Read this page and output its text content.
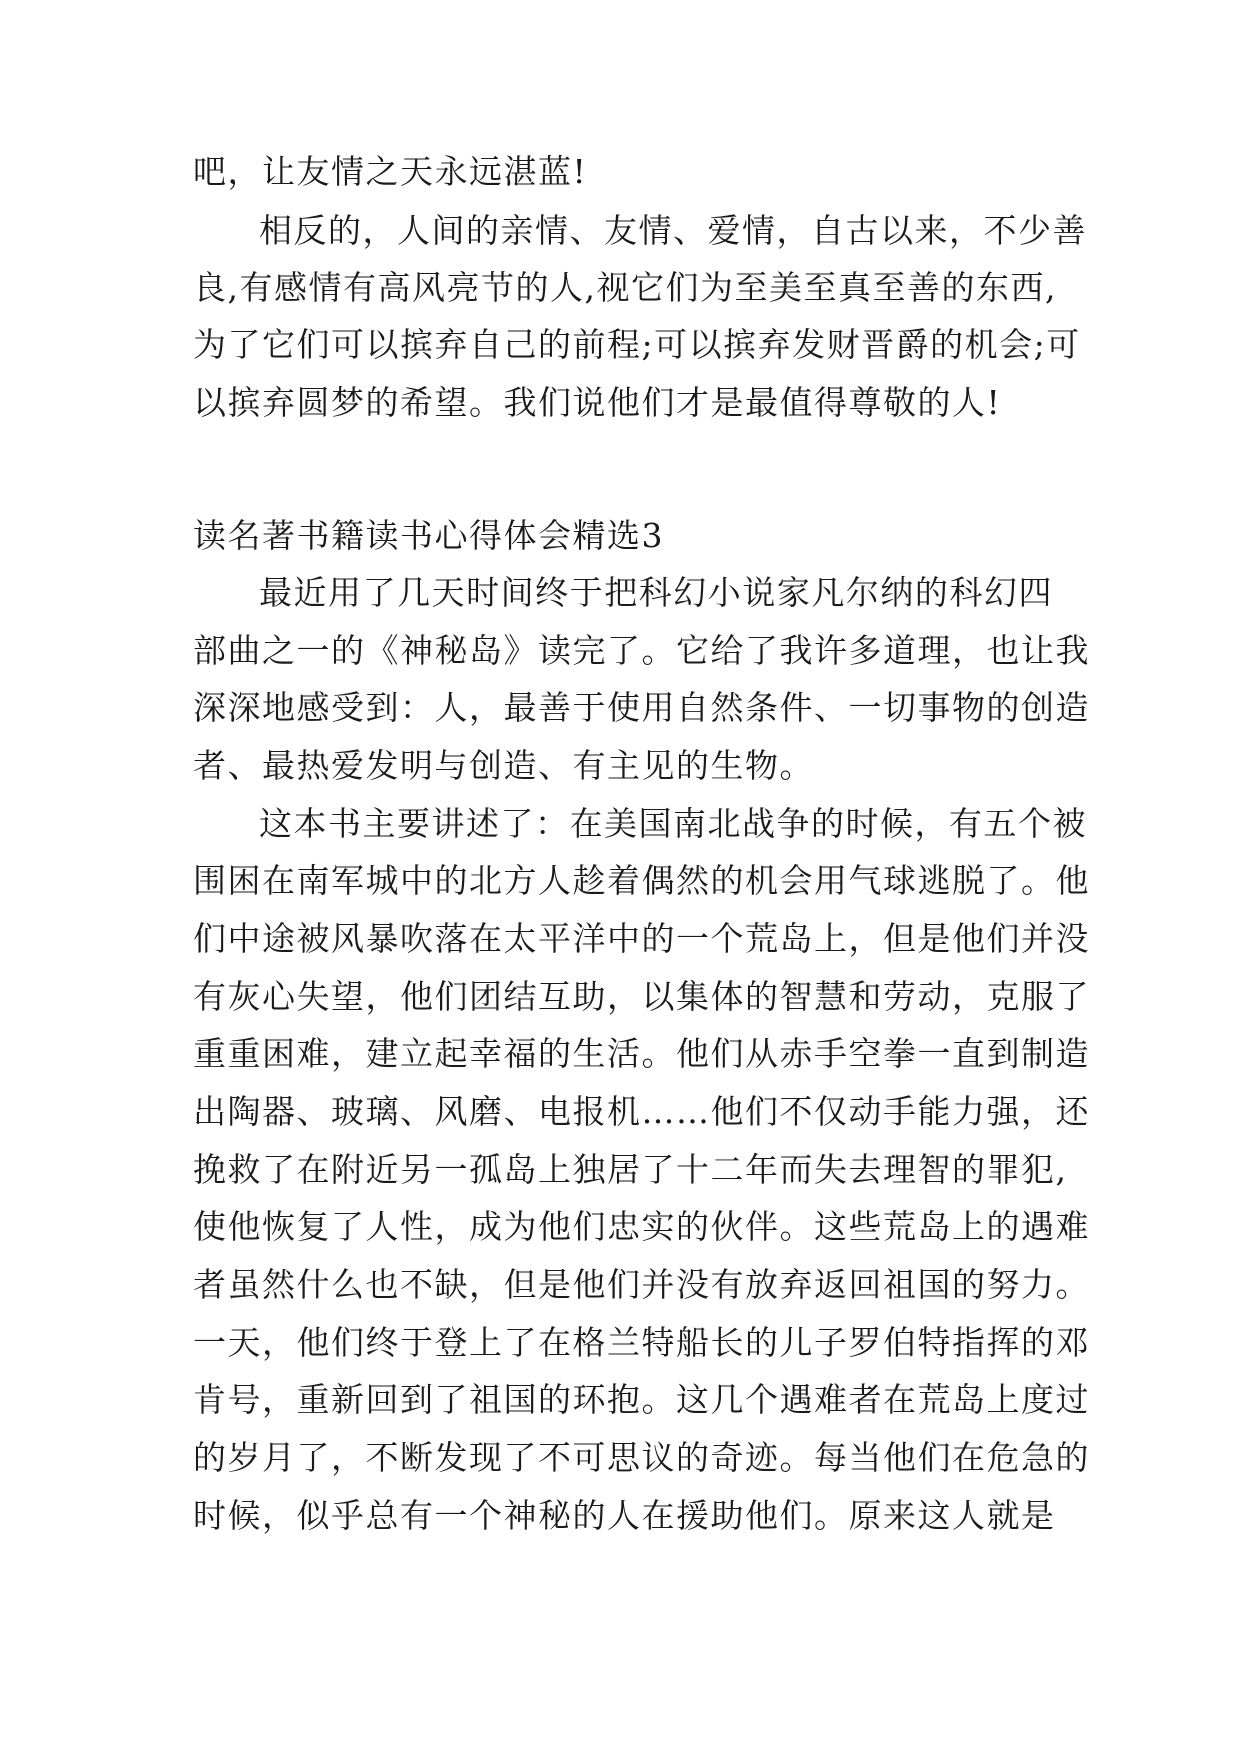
吧，让友情之天永远湛蓝!
相反的，人间的亲情、友情、爱情，自古以来，不少善
良,有感情有高风亮节的人,视它们为至美至真至善的东西,
为了它们可以摈弃自己的前程;可以摈弃发财晋爵的机会;可
以摈弃圆梦的希望。我们说他们才是最值得尊敬的人!
读名著书籍读书心得体会精选3
最近用了几天时间终于把科幻小说家凡尔纳的科幻四
部曲之一的《神秘岛》读完了。它给了我许多道理，也让我
深深地感受到：人，最善于使用自然条件、一切事物的创造
者、最热爱发明与创造、有主见的生物。
这本书主要讲述了：在美国南北战争的时候，有五个被
围困在南军城中的北方人趁着偶然的机会用气球逃脱了。他
们中途被风暴吹落在太平洋中的一个荒岛上，但是他们并没
有灰心失望，他们团结互助，以集体的智慧和劳动，克服了
重重困难，建立起幸福的生活。他们从赤手空拳一直到制造
出陶器、玻璃、风磨、电报机……他们不仅动手能力强，还
挽救了在附近另一孤岛上独居了十二年而失去理智的罪犯,
使他恢复了人性，成为他们忠实的伙伴。这些荒岛上的遇难
者虽然什么也不缺，但是他们并没有放弃返回祖国的努力。
一天，他们终于登上了在格兰特船长的儿子罗伯特指挥的邓
肯号，重新回到了祖国的环抱。这几个遇难者在荒岛上度过
的岁月了，不断发现了不可思议的奇迹。每当他们在危急的
时候，似乎总有一个神秘的人在援助他们。原来这人就是
